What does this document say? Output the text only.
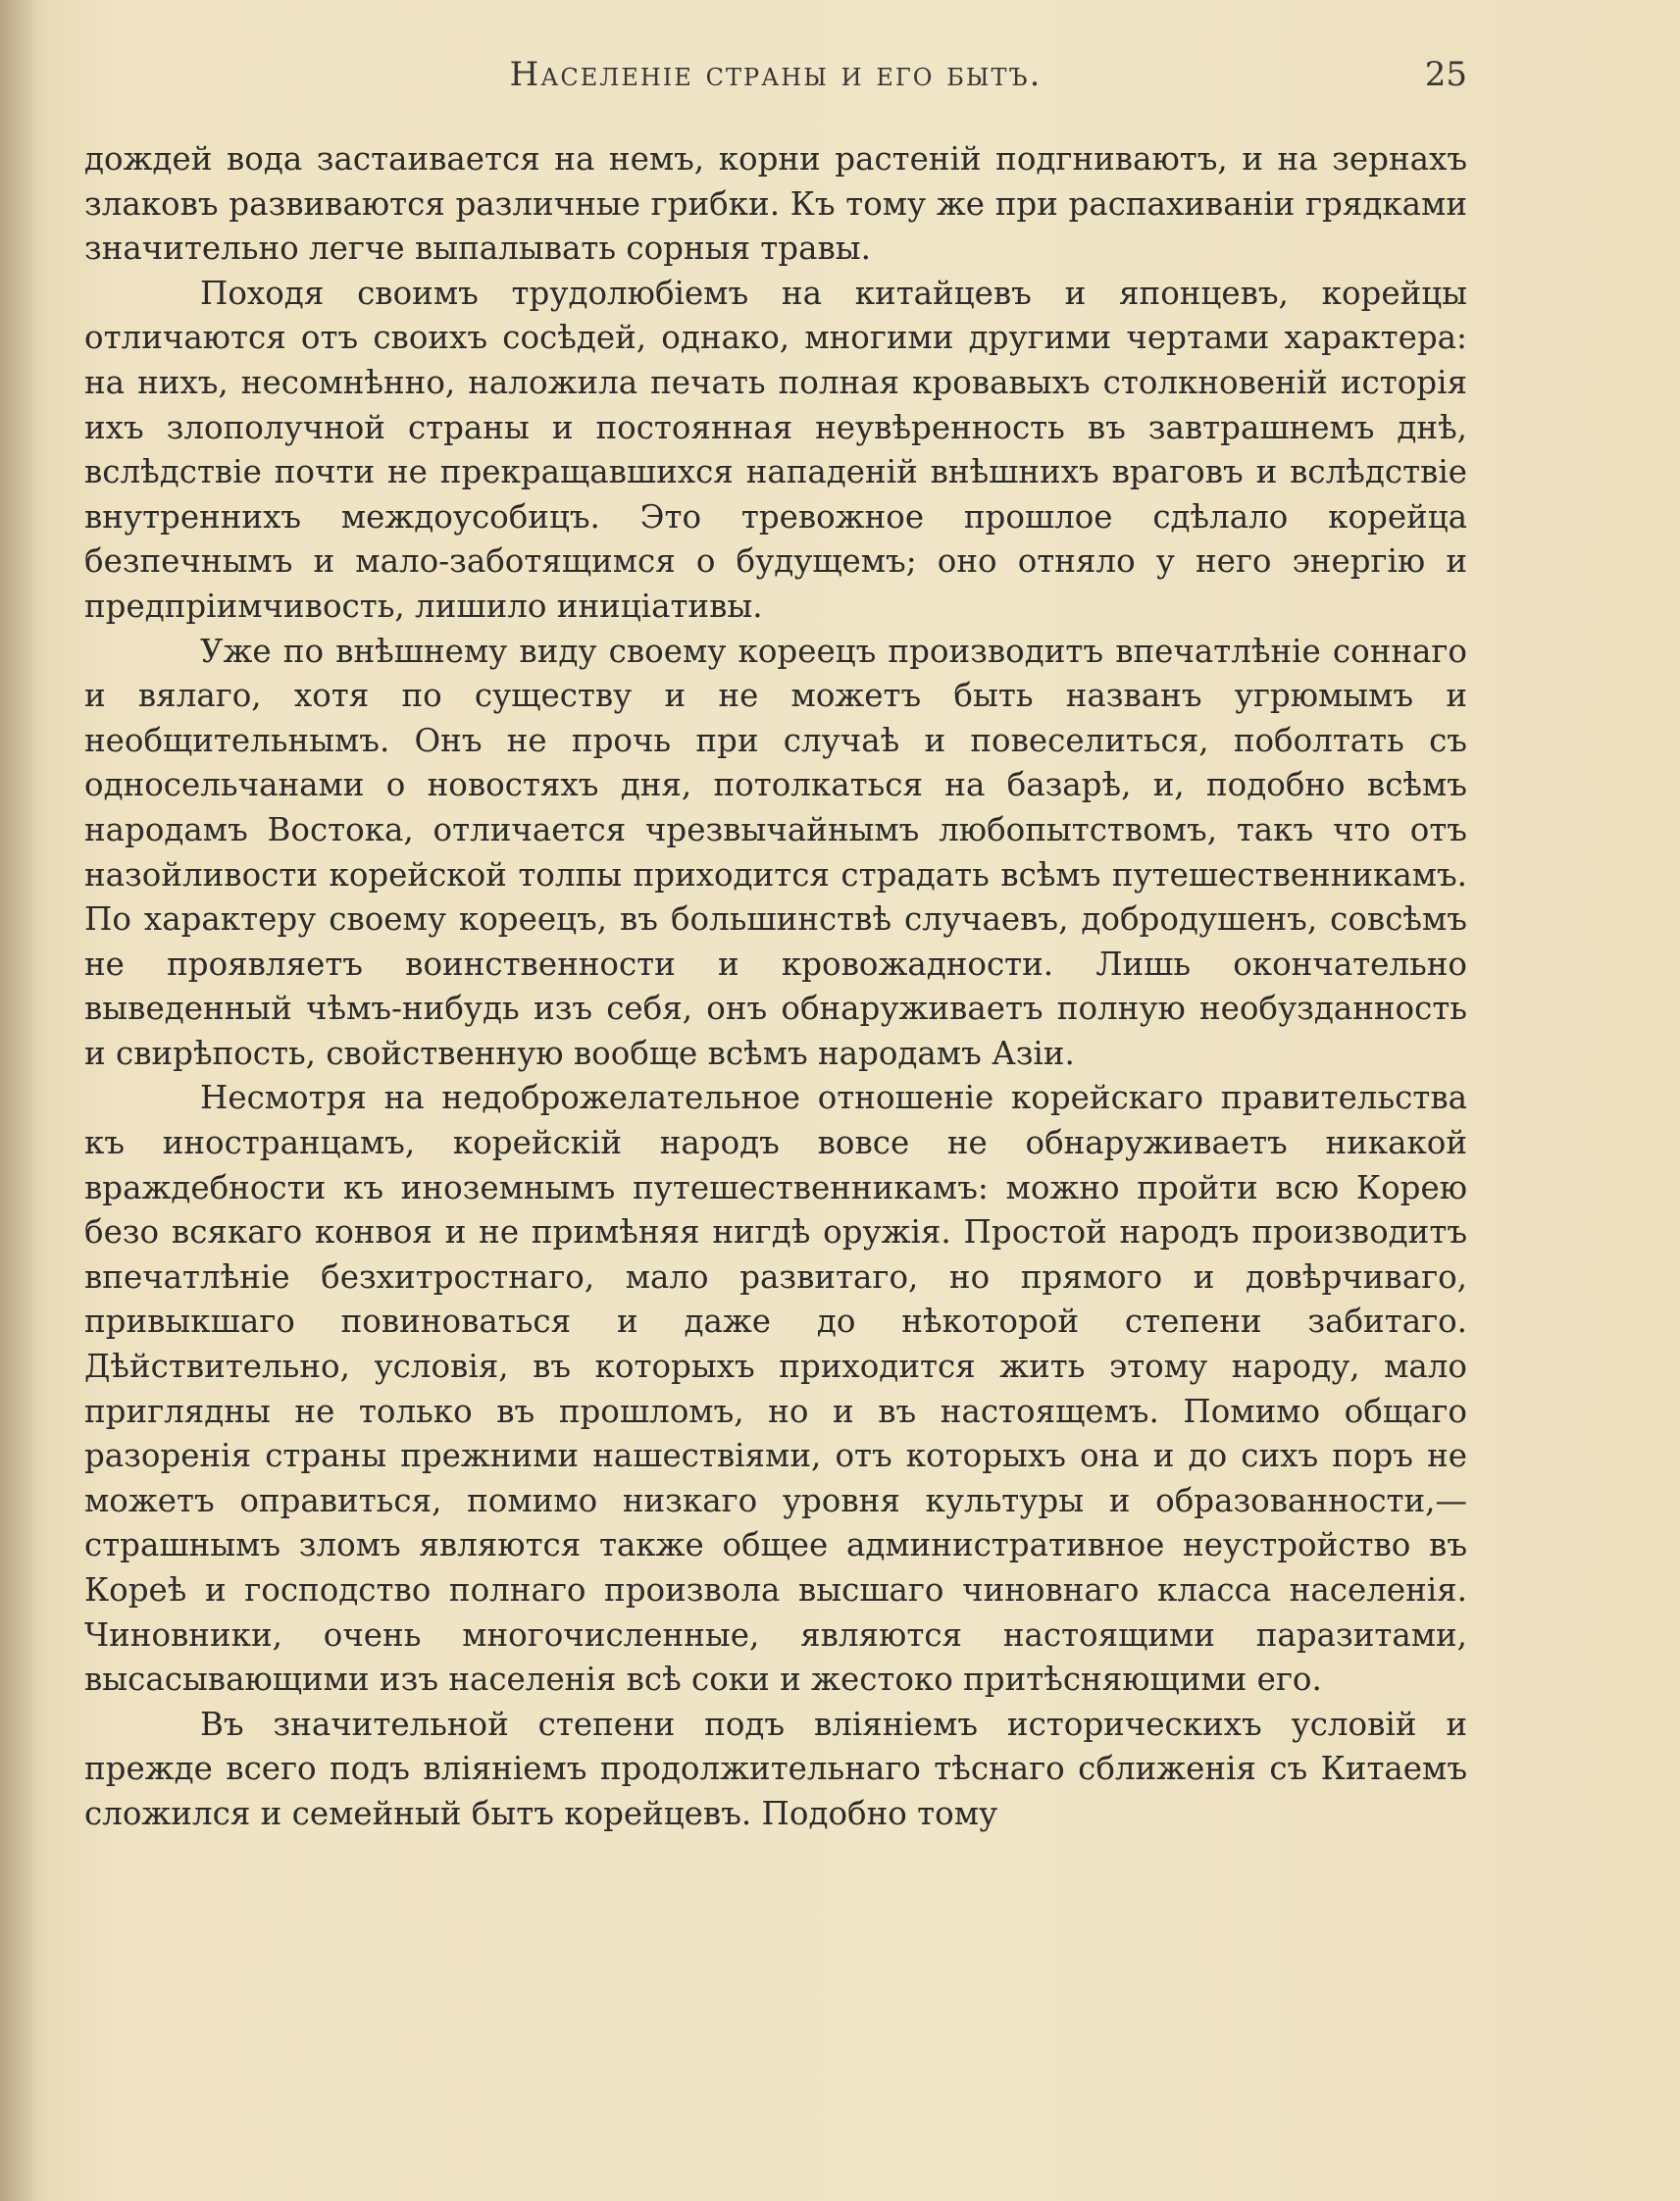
Населеніе страны и его бытъ.	25

дождей вода застаивается на немъ, корни растеній подгниваютъ, и на зернахъ злаковъ развиваются различные грибки. Къ тому же при распахиваніи грядками значительно легче выпалывать сорныя травы.

Походя своимъ трудолюбіемъ на китайцевъ и японцевъ, корейцы отличаются отъ своихъ сосѣдей, однако, многими другими чертами характера: на нихъ, несомнѣнно, наложила печать полная кровавыхъ столкновеній исторія ихъ злополучной страны и постоянная неувѣренность въ завтрашнемъ днѣ, вслѣдствіе почти не прекращавшихся нападеній внѣшнихъ враговъ и вслѣдствіе внутреннихъ междоусобицъ. Это тревожное прошлое сдѣлало корейца безпечнымъ и мало-заботящимся о будущемъ; оно отняло у него энергію и предпріимчивость, лишило иниціативы.

Уже по внѣшнему виду своему кореецъ производитъ впечатлѣніе соннаго и вялаго, хотя по существу и не можетъ быть названъ угрюмымъ и необщительнымъ. Онъ не прочь при случаѣ и повеселиться, поболтать съ односельчанами о новостяхъ дня, потолкаться на базарѣ, и, подобно всѣмъ народамъ Востока, отличается чрезвычайнымъ любопытствомъ, такъ что отъ назойливости корейской толпы приходится страдать всѣмъ путешественникамъ. По характеру своему кореецъ, въ большинствѣ случаевъ, добродушенъ, совсѣмъ не проявляетъ воинственности и кровожадности. Лишь окончательно выведенный чѣмъ-нибудь изъ себя, онъ обнаруживаетъ полную необузданность и свирѣпость, свойственную вообще всѣмъ народамъ Азіи.

Несмотря на недоброжелательное отношеніе корейскаго правительства къ иностранцамъ, корейскій народъ вовсе не обнаруживаетъ никакой враждебности къ иноземнымъ путешественникамъ: можно пройти всю Корею безо всякаго конвоя и не примѣняя нигдѣ оружія. Простой народъ производитъ впечатлѣніе безхитростнаго, мало развитаго, но прямого и довѣрчиваго, привыкшаго повиноваться и даже до нѣкоторой степени забитаго. Дѣйствительно, условія, въ которыхъ приходится жить этому народу, мало приглядны не только въ прошломъ, но и въ настоящемъ. Помимо общаго разоренія страны прежними нашествіями, отъ которыхъ она и до сихъ поръ не можетъ оправиться, помимо низкаго уровня культуры и образованности,—страшнымъ зломъ являются также общее административное неустройство въ Кореѣ и господство полнаго произвола высшаго чиновнаго класса населенія. Чиновники, очень многочисленные, являются настоящими паразитами, высасывающими изъ населенія всѣ соки и жестоко притѣсняющими его.

Въ значительной степени подъ вліяніемъ историческихъ условій и прежде всего подъ вліяніемъ продолжительнаго тѣснаго сближенія съ Китаемъ сложился и семейный бытъ корейцевъ. Подобно тому
